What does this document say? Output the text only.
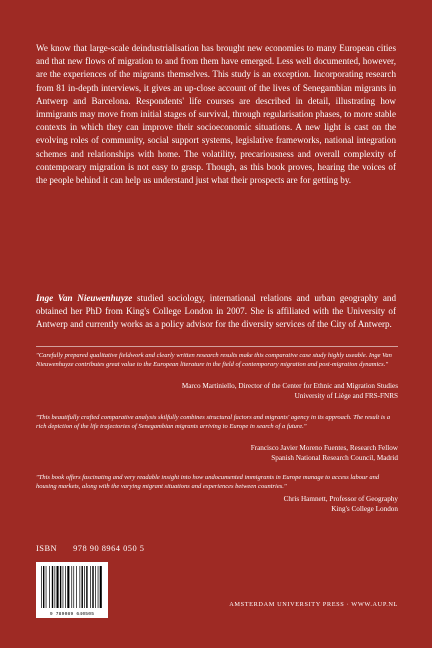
We know that large-scale deindustrialisation has brought new economies to many European cities and that new flows of migration to and from them have emerged. Less well documented, however, are the experiences of the migrants themselves. This study is an exception. Incorporating research from 81 in-depth interviews, it gives an up-close account of the lives of Senegambian migrants in Antwerp and Barcelona. Respondents' life courses are described in detail, illustrating how immigrants may move from initial stages of survival, through regularisation phases, to more stable contexts in which they can improve their socioeconomic situations. A new light is cast on the evolving roles of community, social support systems, legislative frameworks, national integration schemes and relationships with home. The volatility, precariousness and overall complexity of contemporary migration is not easy to grasp. Though, as this book proves, hearing the voices of the people behind it can help us understand just what their prospects are for getting by.

Inge Van Nieuwenhuyze studied sociology, international relations and urban geography and obtained her PhD from King's College London in 2007. She is affiliated with the University of Antwerp and currently works as a policy advisor for the diversity services of the City of Antwerp.

"Carefully prepared qualitative fieldwork and clearly written research results make this comparative case study highly useable. Inge Van Nieuwenhuyze contributes great value to the European literature in the field of contemporary migration and post-migration dynamics."

Marco Martiniello, Director of the Center for Ethnic and Migration Studies
University of Liège and FRS-FNRS

"This beautifully crafted comparative analysis skilfully combines structural factors and migrants' agency in its approach. The result is a rich depiction of the life trajectories of Senegambian migrants arriving to Europe in search of a future."

Francisco Javier Moreno Fuentes, Research Fellow
Spanish National Research Council, Madrid

"This book offers fascinating and very readable insight into how undocumented immigrants in Europe manage to access labour and housing markets, along with the varying migrant situations and experiences between countries."

Chris Hamnett, Professor of Geography
King's College London

ISBN 978 90 8964 050 5
9 789089 640505
AMSTERDAM UNIVERSITY PRESS · WWW.AUP.NL
